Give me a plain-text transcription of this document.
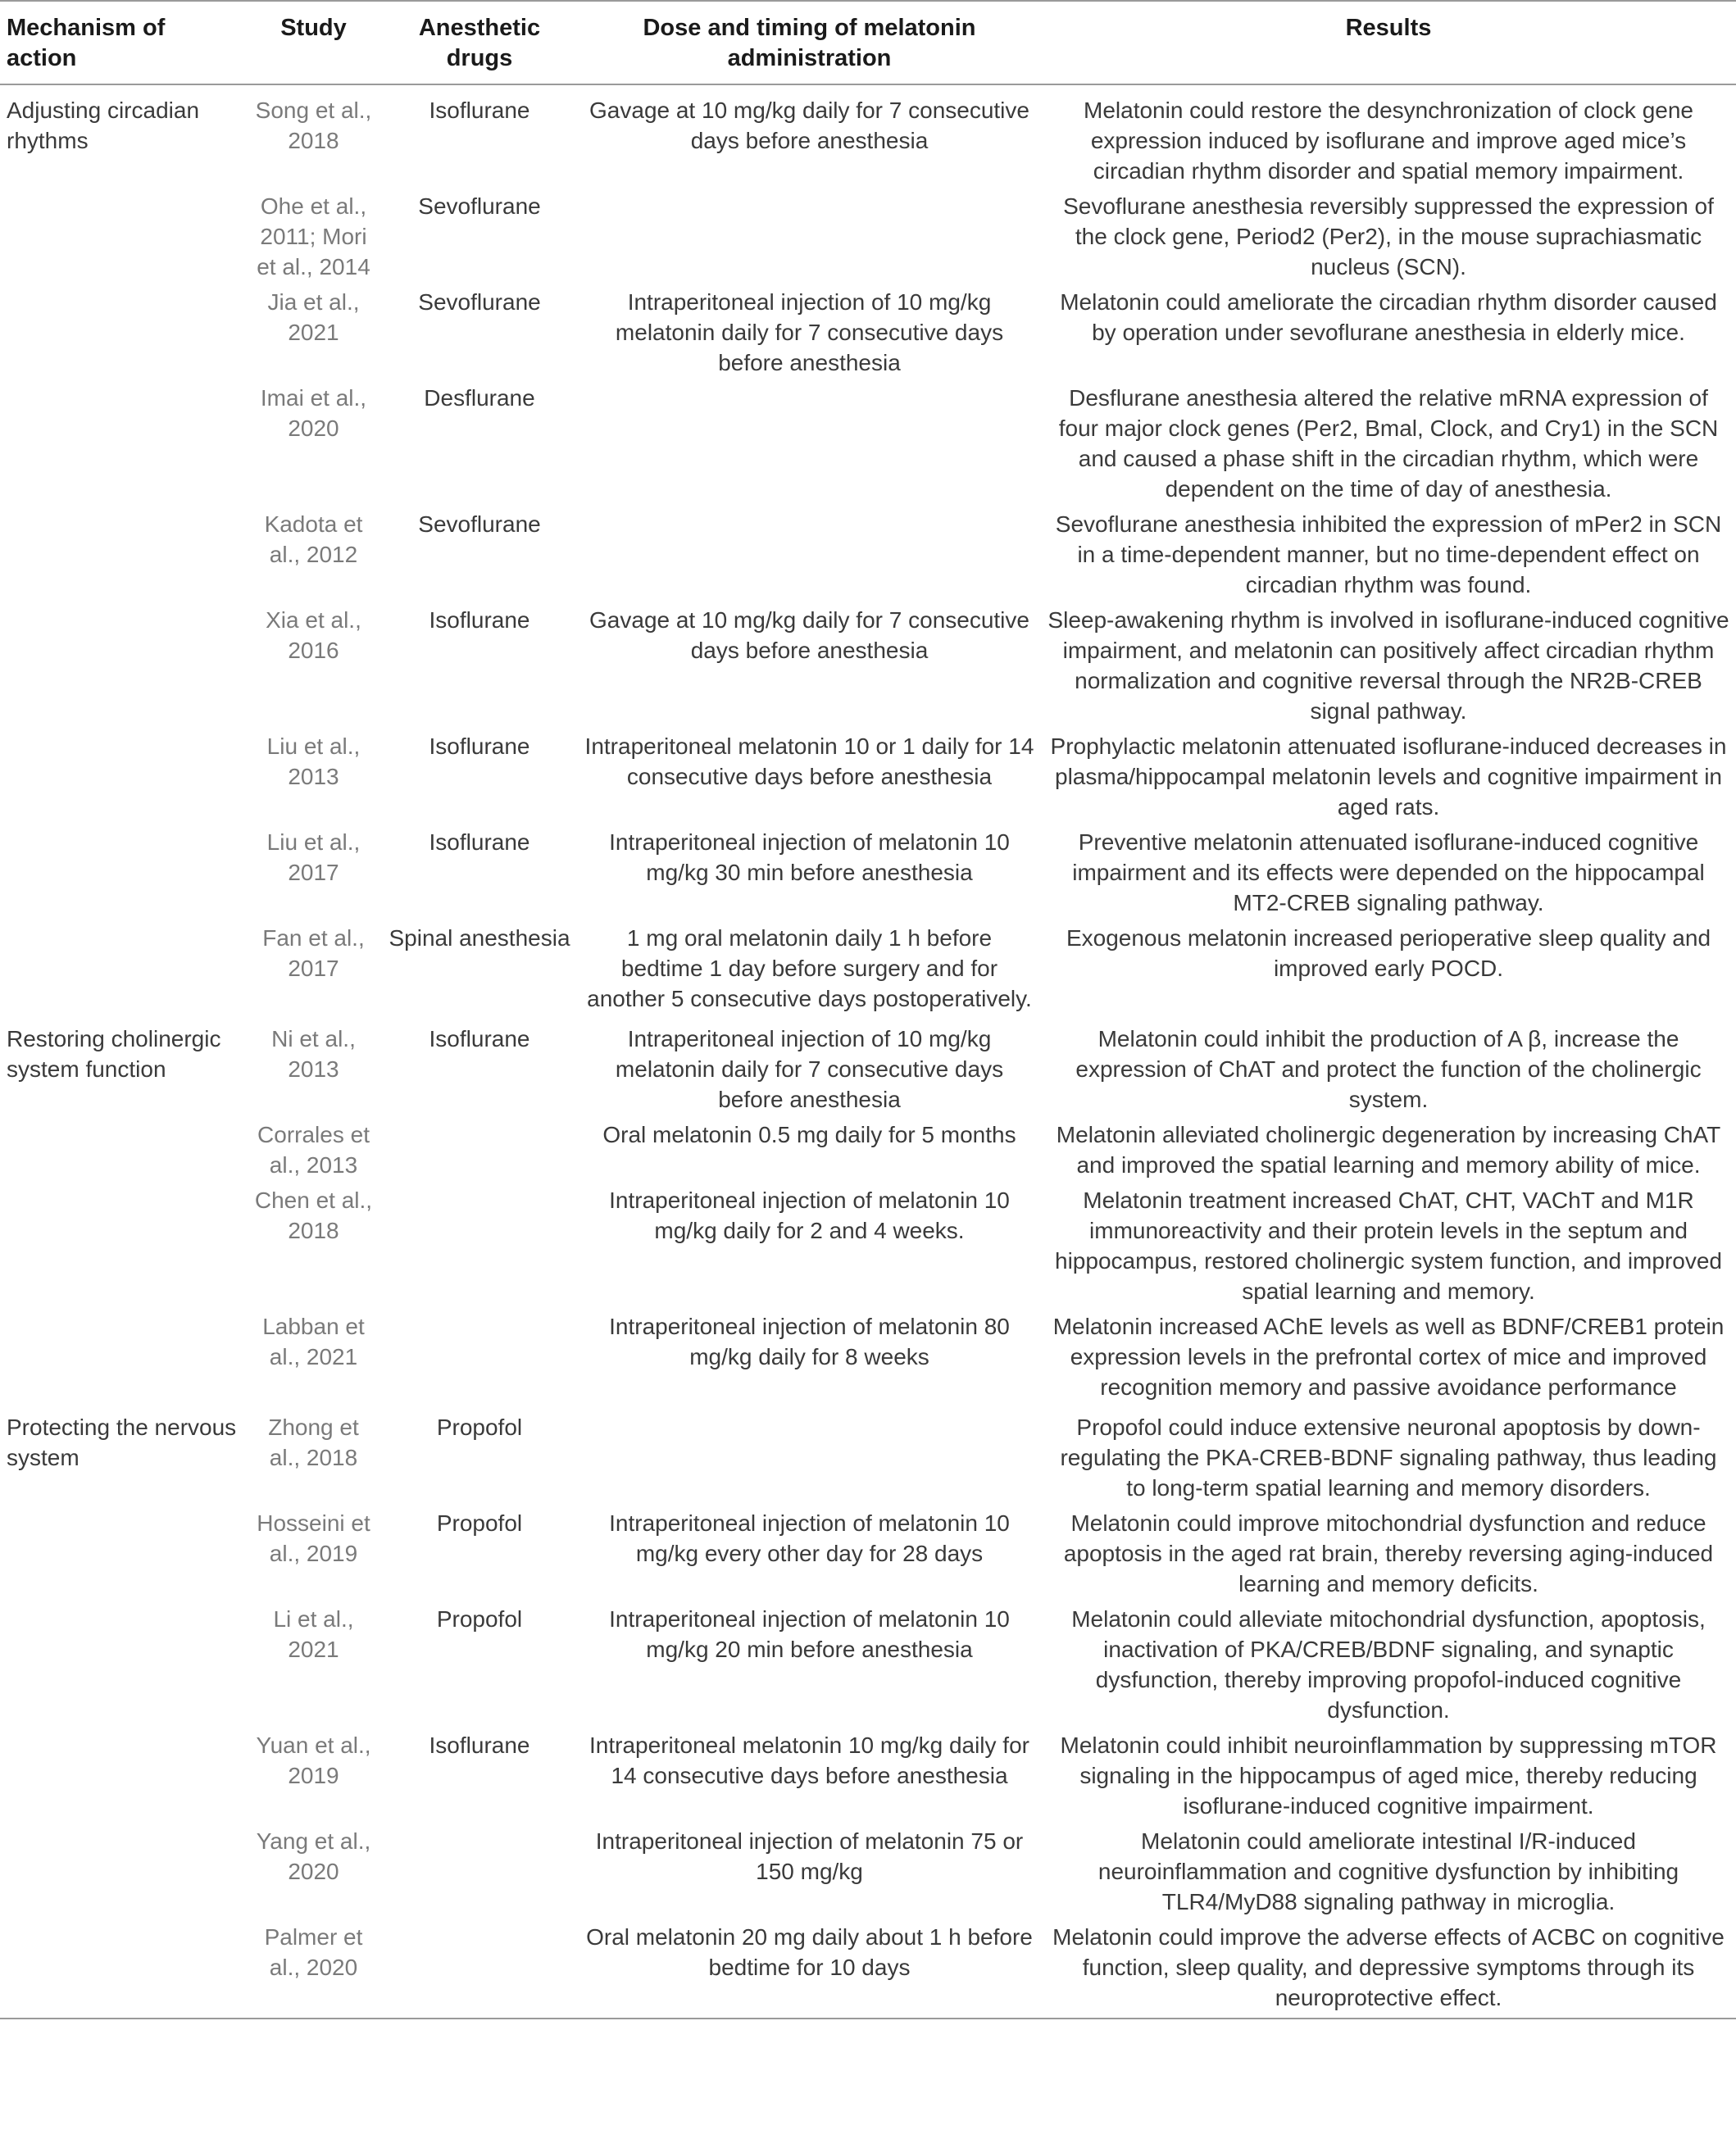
Mechanism of action	Study	Anesthetic drugs	Dose and timing of melatonin administration	Results
Adjusting circadian rhythms	Song et al., 2018	Isoflurane	Gavage at 10 mg/kg daily for 7 consecutive days before anesthesia	Melatonin could restore the desynchronization of clock gene expression induced by isoflurane and improve aged mice’s circadian rhythm disorder and spatial memory impairment.
	Ohe et al., 2011; Mori et al., 2014	Sevoflurane		Sevoflurane anesthesia reversibly suppressed the expression of the clock gene, Period2 (Per2), in the mouse suprachiasmatic nucleus (SCN).
	Jia et al., 2021	Sevoflurane	Intraperitoneal injection of 10 mg/kg melatonin daily for 7 consecutive days before anesthesia	Melatonin could ameliorate the circadian rhythm disorder caused by operation under sevoflurane anesthesia in elderly mice.
	Imai et al., 2020	Desflurane		Desflurane anesthesia altered the relative mRNA expression of four major clock genes (Per2, Bmal, Clock, and Cry1) in the SCN and caused a phase shift in the circadian rhythm, which were dependent on the time of day of anesthesia.
	Kadota et al., 2012	Sevoflurane		Sevoflurane anesthesia inhibited the expression of mPer2 in SCN in a time-dependent manner, but no time-dependent effect on circadian rhythm was found.
	Xia et al., 2016	Isoflurane	Gavage at 10 mg/kg daily for 7 consecutive days before anesthesia	Sleep-awakening rhythm is involved in isoflurane-induced cognitive impairment, and melatonin can positively affect circadian rhythm normalization and cognitive reversal through the NR2B-CREB signal pathway.
	Liu et al., 2013	Isoflurane	Intraperitoneal melatonin 10 or 1 daily for 14 consecutive days before anesthesia	Prophylactic melatonin attenuated isoflurane-induced decreases in plasma/hippocampal melatonin levels and cognitive impairment in aged rats.
	Liu et al., 2017	Isoflurane	Intraperitoneal injection of melatonin 10 mg/kg 30 min before anesthesia	Preventive melatonin attenuated isoflurane-induced cognitive impairment and its effects were depended on the hippocampal MT2-CREB signaling pathway.
	Fan et al., 2017	Spinal anesthesia	1 mg oral melatonin daily 1 h before bedtime 1 day before surgery and for another 5 consecutive days postoperatively.	Exogenous melatonin increased perioperative sleep quality and improved early POCD.
Restoring cholinergic system function	Ni et al., 2013	Isoflurane	Intraperitoneal injection of 10 mg/kg melatonin daily for 7 consecutive days before anesthesia	Melatonin could inhibit the production of A β, increase the expression of ChAT and protect the function of the cholinergic system.
	Corrales et al., 2013		Oral melatonin 0.5 mg daily for 5 months	Melatonin alleviated cholinergic degeneration by increasing ChAT and improved the spatial learning and memory ability of mice.
	Chen et al., 2018		Intraperitoneal injection of melatonin 10 mg/kg daily for 2 and 4 weeks.	Melatonin treatment increased ChAT, CHT, VAChT and M1R immunoreactivity and their protein levels in the septum and hippocampus, restored cholinergic system function, and improved spatial learning and memory.
	Labban et al., 2021		Intraperitoneal injection of melatonin 80 mg/kg daily for 8 weeks	Melatonin increased AChE levels as well as BDNF/CREB1 protein expression levels in the prefrontal cortex of mice and improved recognition memory and passive avoidance performance
Protecting the nervous system	Zhong et al., 2018	Propofol		Propofol could induce extensive neuronal apoptosis by down-regulating the PKA-CREB-BDNF signaling pathway, thus leading to long-term spatial learning and memory disorders.
	Hosseini et al., 2019	Propofol	Intraperitoneal injection of melatonin 10 mg/kg every other day for 28 days	Melatonin could improve mitochondrial dysfunction and reduce apoptosis in the aged rat brain, thereby reversing aging-induced learning and memory deficits.
	Li et al., 2021	Propofol	Intraperitoneal injection of melatonin 10 mg/kg 20 min before anesthesia	Melatonin could alleviate mitochondrial dysfunction, apoptosis, inactivation of PKA/CREB/BDNF signaling, and synaptic dysfunction, thereby improving propofol-induced cognitive dysfunction.
	Yuan et al., 2019	Isoflurane	Intraperitoneal melatonin 10 mg/kg daily for 14 consecutive days before anesthesia	Melatonin could inhibit neuroinflammation by suppressing mTOR signaling in the hippocampus of aged mice, thereby reducing isoflurane-induced cognitive impairment.
	Yang et al., 2020		Intraperitoneal injection of melatonin 75 or 150 mg/kg	Melatonin could ameliorate intestinal I/R-induced neuroinflammation and cognitive dysfunction by inhibiting TLR4/MyD88 signaling pathway in microglia.
	Palmer et al., 2020		Oral melatonin 20 mg daily about 1 h before bedtime for 10 days	Melatonin could improve the adverse effects of ACBC on cognitive function, sleep quality, and depressive symptoms through its neuroprotective effect.
